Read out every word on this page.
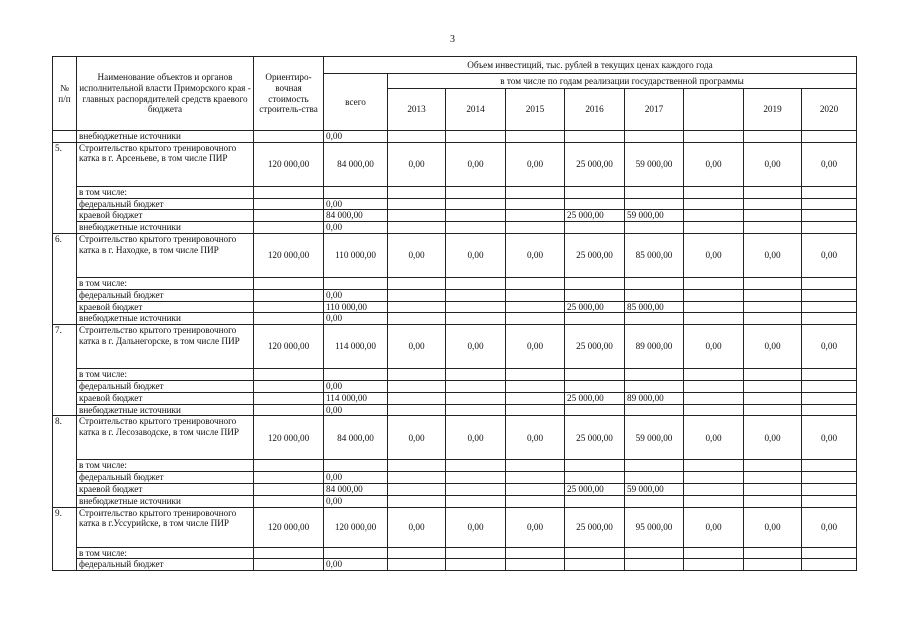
3
№
п/п	Наименование объектов и органов исполнительной власти Приморского края - главных распорядителей средств краевого бюджета	Ориентиро-вочная стоимость строитель-ства	Объем инвестиций, тыс. рублей в текущих ценах каждого года								
			всего	в том числе по годам реализации государственной программы							
				2013	2014	2015	2016	2017		2019	2020
	внебюджетные источники		0,00								
5.	Строительство крытого тренировочного катка в г. Арсеньеве, в том числе ПИР	120 000,00	84 000,00	0,00	0,00	0,00	25 000,00	59 000,00	0,00	0,00	0,00
	в том числе:										
	федеральный бюджет		0,00								
	краевой бюджет		84 000,00				25 000,00	59 000,00			
	внебюджетные источники		0,00								
6.	Строительство крытого тренировочного катка в г. Находке, в том числе ПИР	120 000,00	110 000,00	0,00	0,00	0,00	25 000,00	85 000,00	0,00	0,00	0,00
	в том числе:										
	федеральный бюджет		0,00								
	краевой бюджет		110 000,00				25 000,00	85 000,00			
	внебюджетные источники		0,00								
7.	Строительство крытого тренировочного катка в г. Дальнегорске, в том числе ПИР	120 000,00	114 000,00	0,00	0,00	0,00	25 000,00	89 000,00	0,00	0,00	0,00
	в том числе:										
	федеральный бюджет		0,00								
	краевой бюджет		114 000,00				25 000,00	89 000,00			
	внебюджетные источники		0,00								
8.	Строительство крытого тренировочного катка в г. Лесозаводске, в том числе ПИР	120 000,00	84 000,00	0,00	0,00	0,00	25 000,00	59 000,00	0,00	0,00	0,00
	в том числе:										
	федеральный бюджет		0,00								
	краевой бюджет		84 000,00				25 000,00	59 000,00			
	внебюджетные источники		0,00								
9.	Строительство крытого тренировочного катка в г.Уссурийске, в том числе ПИР	120 000,00	120 000,00	0,00	0,00	0,00	25 000,00	95 000,00	0,00	0,00	0,00
	в том числе:										
	федеральный бюджет		0,00								
